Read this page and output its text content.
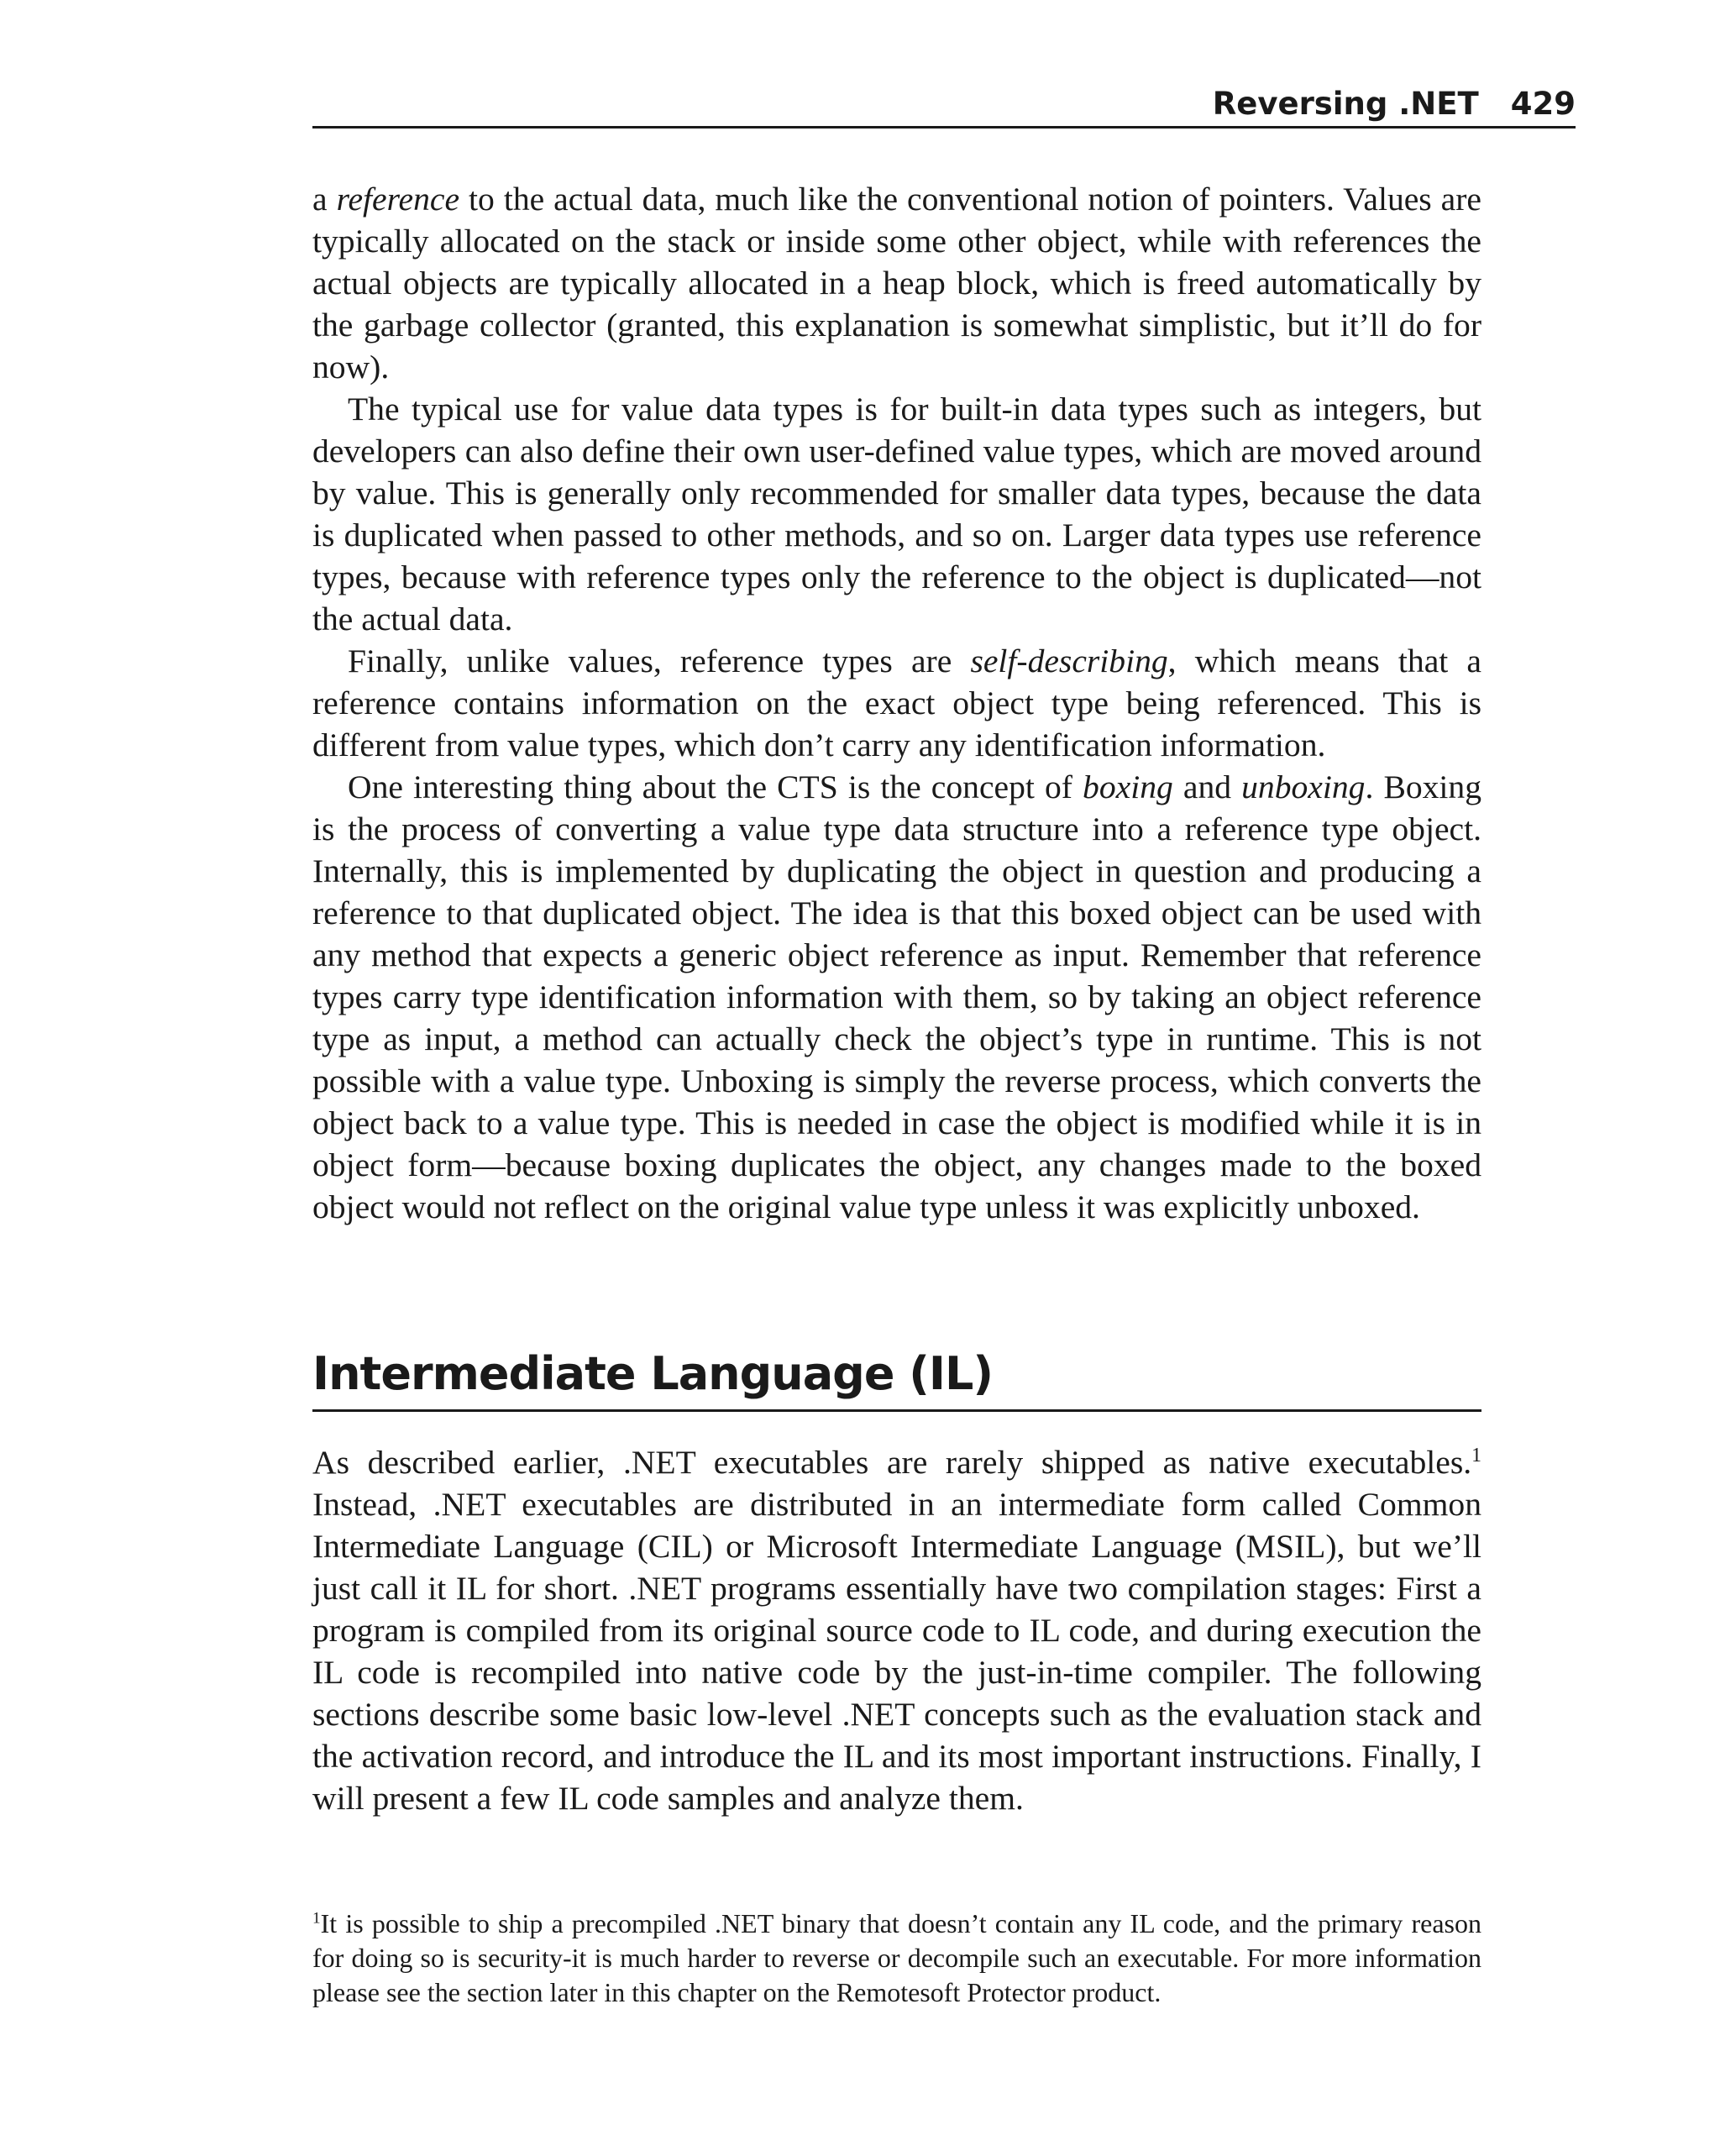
Reversing .NET 429

a reference to the actual data, much like the conventional notion of pointers. Values are typically allocated on the stack or inside some other object, while with references the actual objects are typically allocated in a heap block, which is freed automatically by the garbage collector (granted, this explanation is somewhat simplistic, but it’ll do for now).

The typical use for value data types is for built-in data types such as integers, but developers can also define their own user-defined value types, which are moved around by value. This is generally only recommended for smaller data types, because the data is duplicated when passed to other methods, and so on. Larger data types use reference types, because with reference types only the reference to the object is duplicated—not the actual data.

Finally, unlike values, reference types are self-describing, which means that a reference contains information on the exact object type being referenced. This is different from value types, which don’t carry any identification information.

One interesting thing about the CTS is the concept of boxing and unboxing. Boxing is the process of converting a value type data structure into a reference type object. Internally, this is implemented by duplicating the object in question and producing a reference to that duplicated object. The idea is that this boxed object can be used with any method that expects a generic object reference as input. Remember that reference types carry type identification information with them, so by taking an object reference type as input, a method can actually check the object’s type in runtime. This is not possible with a value type. Unboxing is simply the reverse process, which converts the object back to a value type. This is needed in case the object is modified while it is in object form—because boxing duplicates the object, any changes made to the boxed object would not reflect on the original value type unless it was explicitly unboxed.

Intermediate Language (IL)

As described earlier, .NET executables are rarely shipped as native executables.$^1$ Instead, .NET executables are distributed in an intermediate form called Common Intermediate Language (CIL) or Microsoft Intermediate Language (MSIL), but we’ll just call it IL for short. .NET programs essentially have two compilation stages: First a program is compiled from its original source code to IL code, and during execution the IL code is recompiled into native code by the just-in-time compiler. The following sections describe some basic low-level .NET concepts such as the evaluation stack and the activation record, and introduce the IL and its most important instructions. Finally, I will present a few IL code samples and analyze them.

$^1$It is possible to ship a precompiled .NET binary that doesn’t contain any IL code, and the primary reason for doing so is security-it is much harder to reverse or decompile such an executable. For more information please see the section later in this chapter on the Remotesoft Protector product.
